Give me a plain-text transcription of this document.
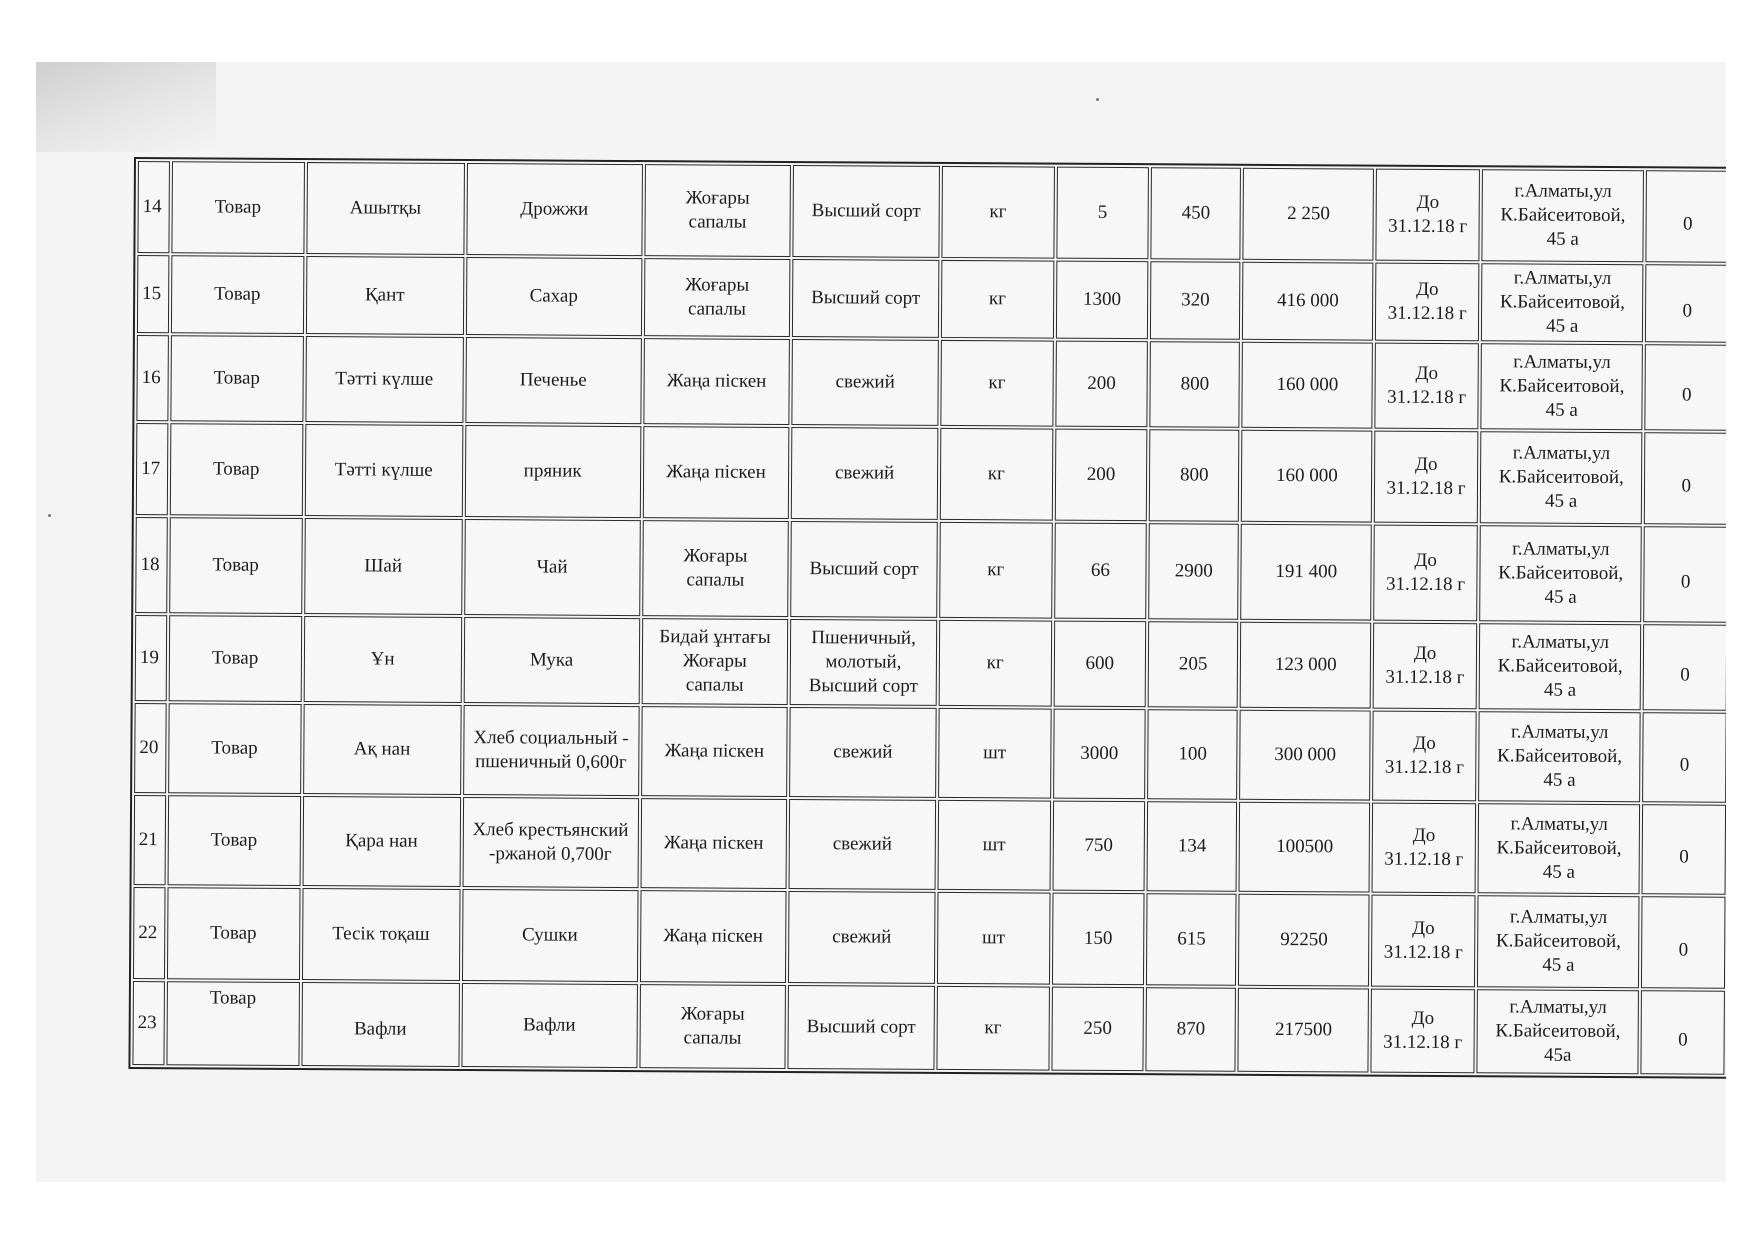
14	Товар	Ашытқы	Дрожжи	Жоғары
сапалы	Высший сорт	кг	5	450	2 250	До
31.12.18 г	г.Алматы,ул
К.Байсеитовой,
45 а	0
15	Товар	Қант	Сахар	Жоғары
сапалы	Высший сорт	кг	1300	320	416 000	До
31.12.18 г	г.Алматы,ул
К.Байсеитовой,
45 а	0
16	Товар	Тәтті күлше	Печенье	Жаңа піскен	свежий	кг	200	800	160 000	До
31.12.18 г	г.Алматы,ул
К.Байсеитовой,
45 а	0
17	Товар	Тәтті күлше	пряник	Жаңа піскен	свежий	кг	200	800	160 000	До
31.12.18 г	г.Алматы,ул
К.Байсеитовой,
45 а	0
18	Товар	Шай	Чай	Жоғары
сапалы	Высший сорт	кг	66	2900	191 400	До
31.12.18 г	г.Алматы,ул
К.Байсеитовой,
45 а	0
19	Товар	Ұн	Мука	Бидай ұнтағы
Жоғары
сапалы	Пшеничный,
молотый,
Высший сорт	кг	600	205	123 000	До
31.12.18 г	г.Алматы,ул
К.Байсеитовой,
45 а	0
20	Товар	Ақ нан	Хлеб социальный -
пшеничный 0,600г	Жаңа піскен	свежий	шт	3000	100	300 000	До
31.12.18 г	г.Алматы,ул
К.Байсеитовой,
45 а	0
21	Товар	Қара нан	Хлеб крестьянский
-ржаной 0,700г	Жаңа піскен	свежий	шт	750	134	100500	До
31.12.18 г	г.Алматы,ул
К.Байсеитовой,
45 а	0
22	Товар	Тесік тоқаш	Сушки	Жаңа піскен	свежий	шт	150	615	92250	До
31.12.18 г	г.Алматы,ул
К.Байсеитовой,
45 а	0
23	Товар	Вафли	Вафли	Жоғары
сапалы	Высший сорт	кг	250	870	217500	До
31.12.18 г	г.Алматы,ул
К.Байсеитовой,
45а	0
